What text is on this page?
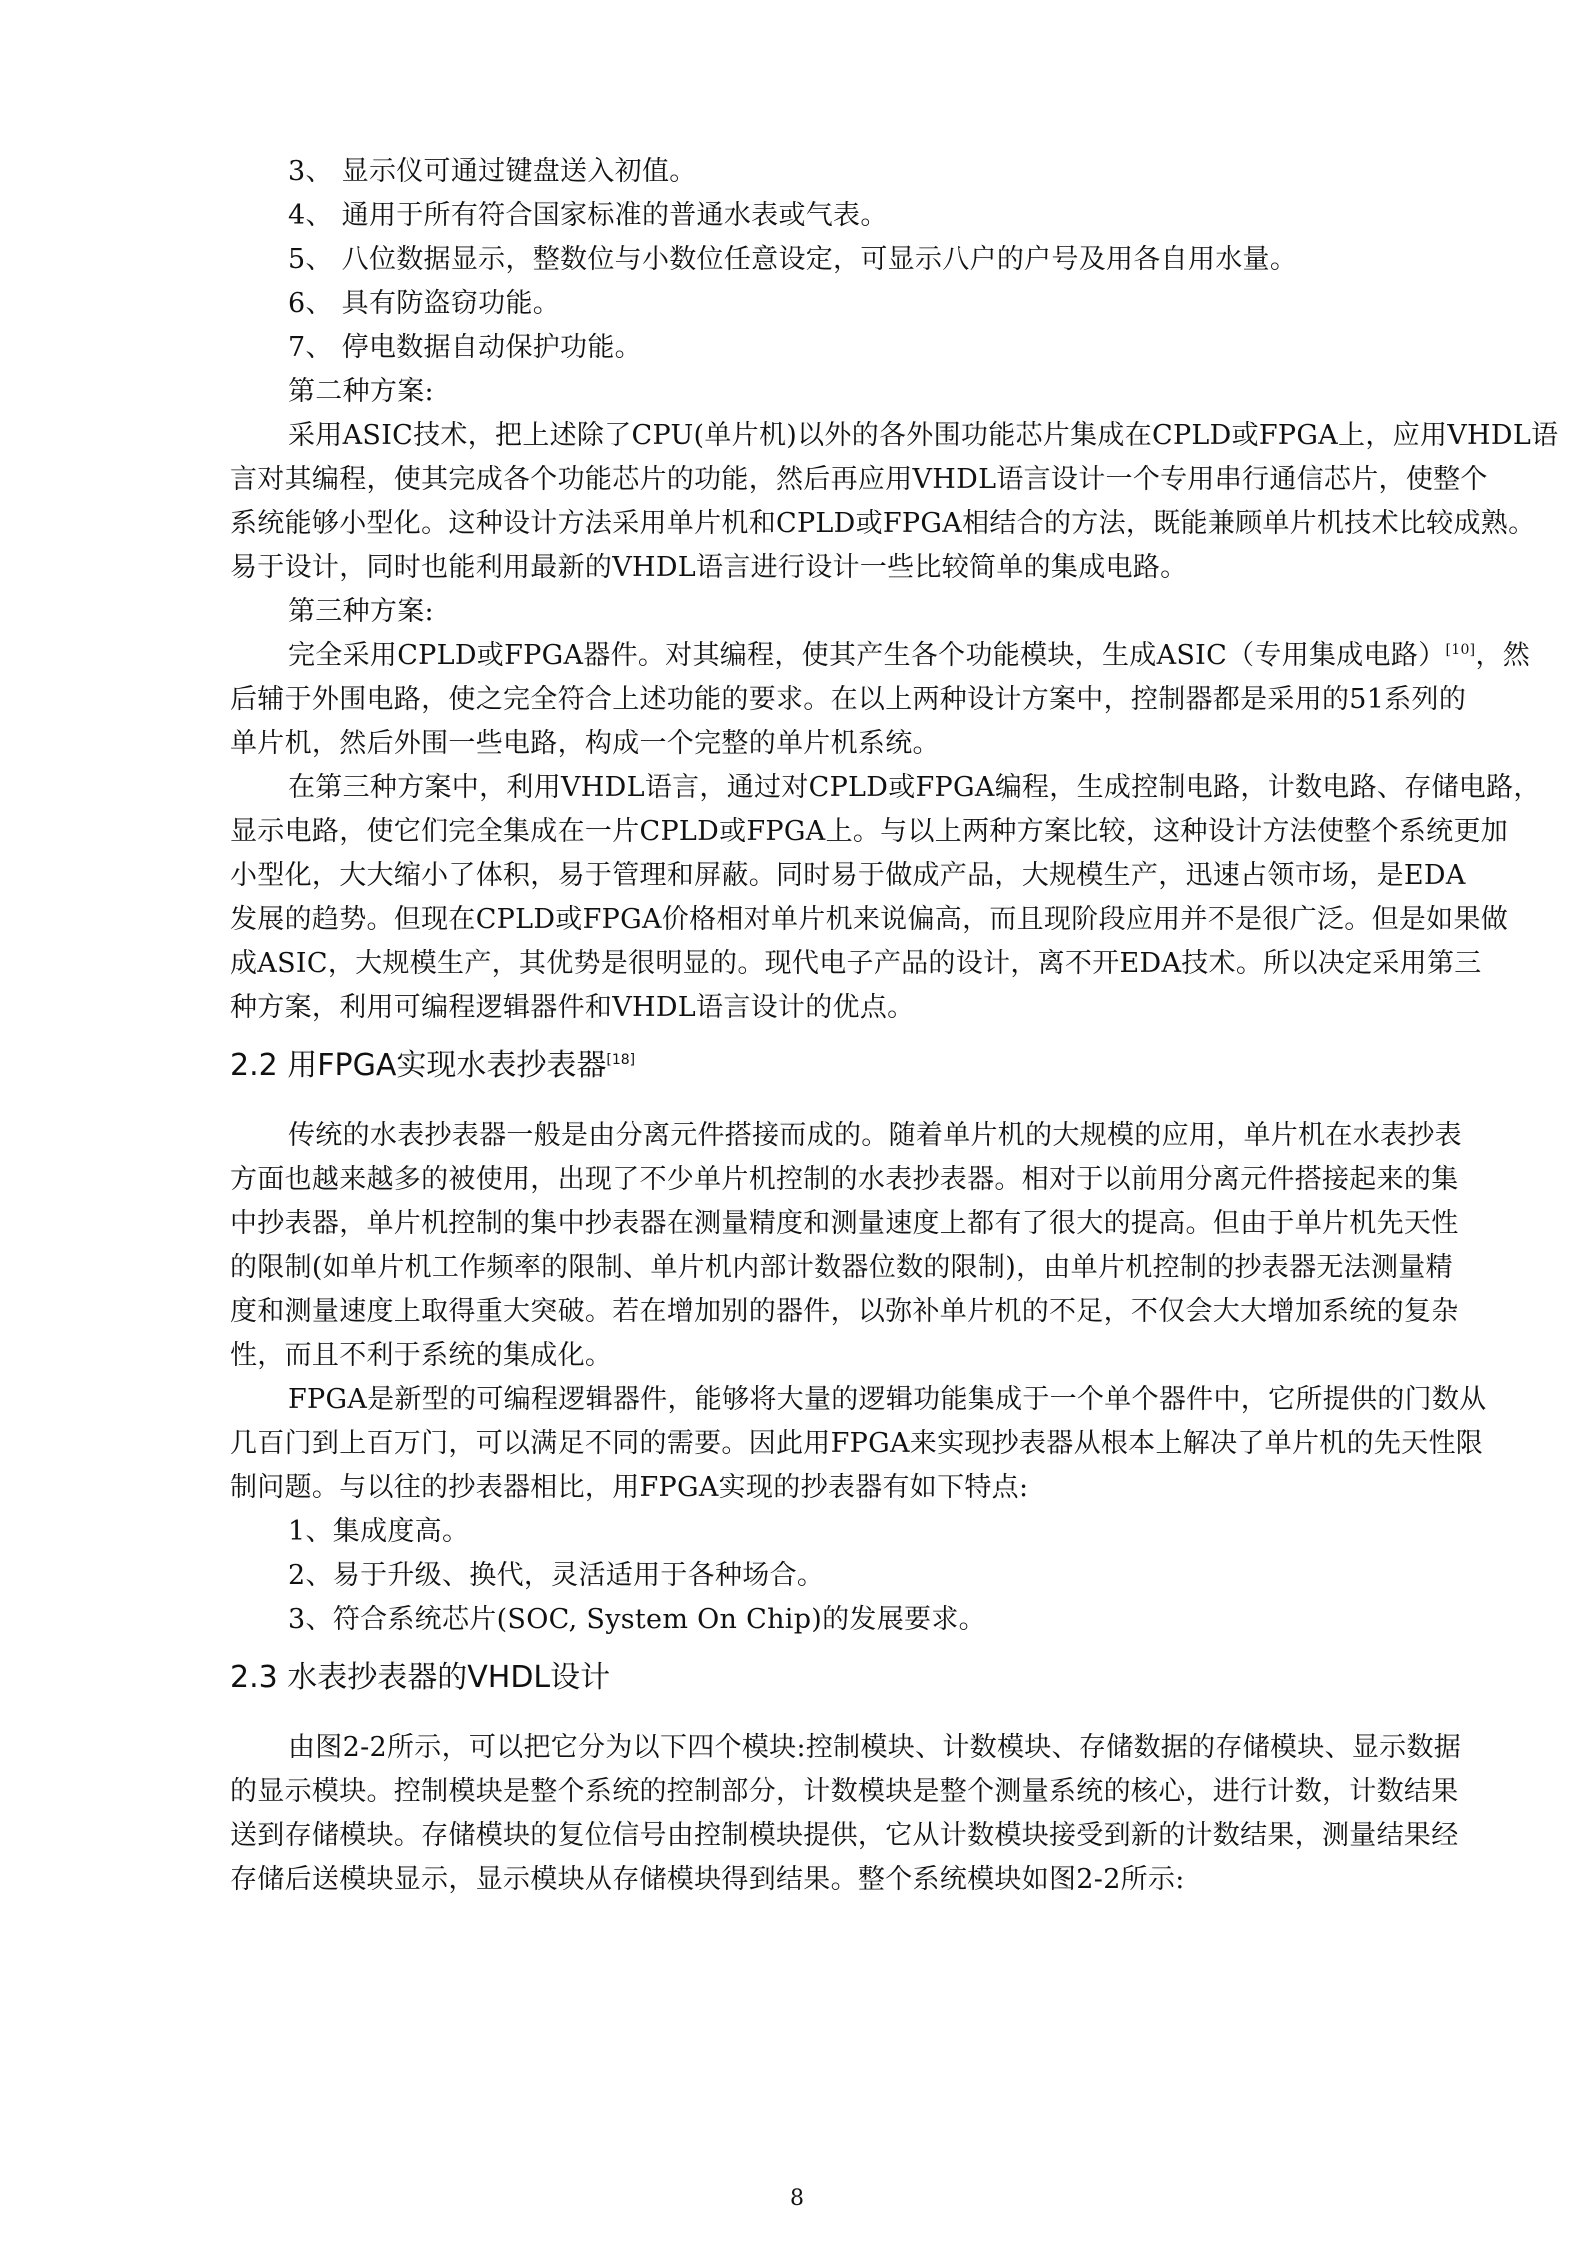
3、 显示仪可通过键盘送入初值。
4、 通用于所有符合国家标准的普通水表或气表。
5、 八位数据显示，整数位与小数位任意设定，可显示八户的户号及用各自用水量。
6、 具有防盗窃功能。
7、 停电数据自动保护功能。
第二种方案:
采用ASIC技术，把上述除了CPU(单片机)以外的各外围功能芯片集成在CPLD或FPGA上，应用VHDL语
言对其编程，使其完成各个功能芯片的功能，然后再应用VHDL语言设计一个专用串行通信芯片，使整个
系统能够小型化。这种设计方法采用单片机和CPLD或FPGA相结合的方法，既能兼顾单片机技术比较成熟。
易于设计，同时也能利用最新的VHDL语言进行设计一些比较简单的集成电路。
第三种方案:
完全采用CPLD或FPGA器件。对其编程，使其产生各个功能模块，生成ASIC（专用集成电路）[10]，然
后辅于外围电路，使之完全符合上述功能的要求。在以上两种设计方案中，控制器都是采用的51系列的
单片机，然后外围一些电路，构成一个完整的单片机系统。
在第三种方案中，利用VHDL语言，通过对CPLD或FPGA编程，生成控制电路，计数电路、存储电路，
显示电路，使它们完全集成在一片CPLD或FPGA上。与以上两种方案比较，这种设计方法使整个系统更加
小型化，大大缩小了体积，易于管理和屏蔽。同时易于做成产品，大规模生产，迅速占领市场，是EDA
发展的趋势。但现在CPLD或FPGA价格相对单片机来说偏高，而且现阶段应用并不是很广泛。但是如果做
成ASIC，大规模生产，其优势是很明显的。现代电子产品的设计，离不开EDA技术。所以决定采用第三
种方案，利用可编程逻辑器件和VHDL语言设计的优点。
2.2 用FPGA实现水表抄表器[18]
传统的水表抄表器一般是由分离元件搭接而成的。随着单片机的大规模的应用，单片机在水表抄表
方面也越来越多的被使用，出现了不少单片机控制的水表抄表器。相对于以前用分离元件搭接起来的集
中抄表器，单片机控制的集中抄表器在测量精度和测量速度上都有了很大的提高。但由于单片机先天性
的限制(如单片机工作频率的限制、单片机内部计数器位数的限制)，由单片机控制的抄表器无法测量精
度和测量速度上取得重大突破。若在增加别的器件，以弥补单片机的不足，不仅会大大增加系统的复杂
性，而且不利于系统的集成化。
FPGA是新型的可编程逻辑器件，能够将大量的逻辑功能集成于一个单个器件中，它所提供的门数从
几百门到上百万门，可以满足不同的需要。因此用FPGA来实现抄表器从根本上解决了单片机的先天性限
制问题。与以往的抄表器相比，用FPGA实现的抄表器有如下特点:
1、集成度高。
2、易于升级、换代，灵活适用于各种场合。
3、符合系统芯片(SOC, System On Chip)的发展要求。
2.3 水表抄表器的VHDL设计
由图2-2所示，可以把它分为以下四个模块:控制模块、计数模块、存储数据的存储模块、显示数据
的显示模块。控制模块是整个系统的控制部分，计数模块是整个测量系统的核心，进行计数，计数结果
送到存储模块。存储模块的复位信号由控制模块提供，它从计数模块接受到新的计数结果，测量结果经
存储后送模块显示，显示模块从存储模块得到结果。整个系统模块如图2-2所示:
8
